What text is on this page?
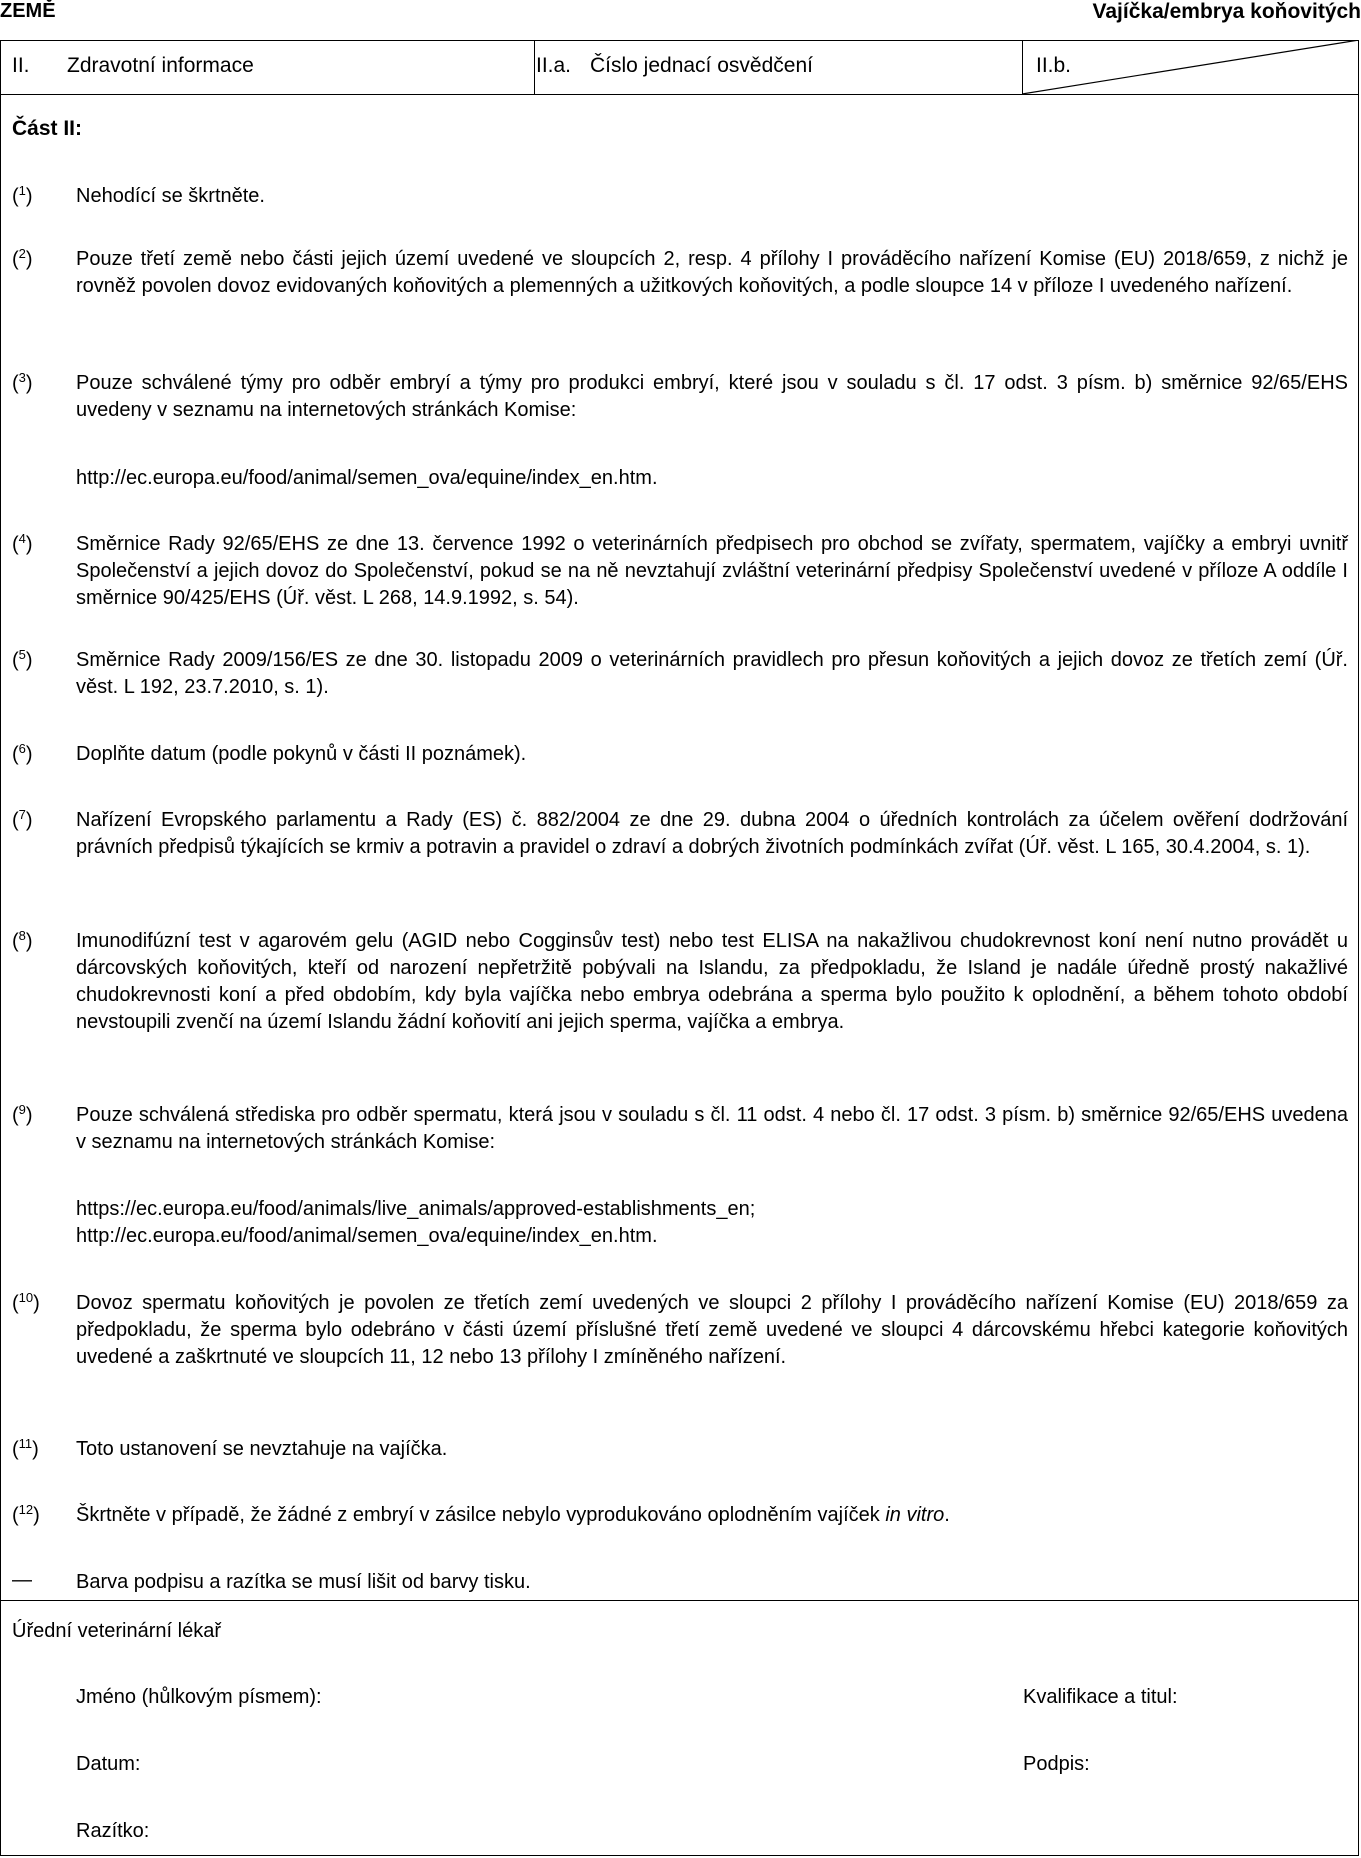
ZEMĚ	Vajíčka/embrya koňovitých
II. Zdravotní informace	II.a. Číslo jednací osvědčení	II.b.
Část II:
($^1$)	Nehodící se škrtněte.
($^2$)	Pouze třetí země nebo části jejich území uvedené ve sloupcích 2, resp. 4 přílohy I prováděcího nařízení Komise (EU) 2018/659, z nichž je rovněž povolen dovoz evidovaných koňovitých a plemenných a užitkových koňovitých, a podle sloupce 14 v příloze I uvedeného nařízení.
($^3$)	Pouze schválené týmy pro odběr embryí a týmy pro produkci embryí, které jsou v souladu s čl. 17 odst. 3 písm. b) směrnice 92/65/EHS uvedeny v seznamu na internetových stránkách Komise:
http://ec.europa.eu/food/animal/semen_ova/equine/index_en.htm.
($^4$)	Směrnice Rady 92/65/EHS ze dne 13. července 1992 o veterinárních předpisech pro obchod se zvířaty, spermatem, vajíčky a embryi uvnitř Společenství a jejich dovoz do Společenství, pokud se na ně nevztahují zvláštní veterinární předpisy Společenství uvedené v příloze A oddíle I směrnice 90/425/EHS (Úř. věst. L 268, 14.9.1992, s. 54).
($^5$)	Směrnice Rady 2009/156/ES ze dne 30. listopadu 2009 o veterinárních pravidlech pro přesun koňovitých a jejich dovoz ze třetích zemí (Úř. věst. L 192, 23.7.2010, s. 1).
($^6$)	Doplňte datum (podle pokynů v části II poznámek).
($^7$)	Nařízení Evropského parlamentu a Rady (ES) č. 882/2004 ze dne 29. dubna 2004 o úředních kontrolách za účelem ověření dodržování právních předpisů týkajících se krmiv a potravin a pravidel o zdraví a dobrých životních podmínkách zvířat (Úř. věst. L 165, 30.4.2004, s. 1).
($^8$)	Imunodifúzní test v agarovém gelu (AGID nebo Cogginsův test) nebo test ELISA na nakažlivou chudokrevnost koní není nutno provádět u dárcovských koňovitých, kteří od narození nepřetržitě pobývali na Islandu, za předpokladu, že Island je nadále úředně prostý nakažlivé chudokrevnosti koní a před obdobím, kdy byla vajíčka nebo embrya odebrána a sperma bylo použito k oplodnění, a během tohoto období nevstoupili zvenčí na území Islandu žádní koňovití ani jejich sperma, vajíčka a embrya.
($^9$)	Pouze schválená střediska pro odběr spermatu, která jsou v souladu s čl. 11 odst. 4 nebo čl. 17 odst. 3 písm. b) směrnice 92/65/EHS uvedena v seznamu na internetových stránkách Komise:
https://ec.europa.eu/food/animals/live_animals/approved-establishments_en;
http://ec.europa.eu/food/animal/semen_ova/equine/index_en.htm.
($^{10}$)	Dovoz spermatu koňovitých je povolen ze třetích zemí uvedených ve sloupci 2 přílohy I prováděcího nařízení Komise (EU) 2018/659 za předpokladu, že sperma bylo odebráno v části území příslušné třetí země uvedené ve sloupci 4 dárcovskému hřebci kategorie koňovitých uvedené a zaškrtnuté ve sloupcích 11, 12 nebo 13 přílohy I zmíněného nařízení.
($^{11}$)	Toto ustanovení se nevztahuje na vajíčka.
($^{12}$)	Škrtněte v případě, že žádné z embryí v zásilce nebylo vyprodukováno oplodněním vajíček in vitro.
—	Barva podpisu a razítka se musí lišit od barvy tisku.
Úřední veterinární lékař
Jméno (hůlkovým písmem):	Kvalifikace a titul:
Datum:	Podpis:
Razítko:
